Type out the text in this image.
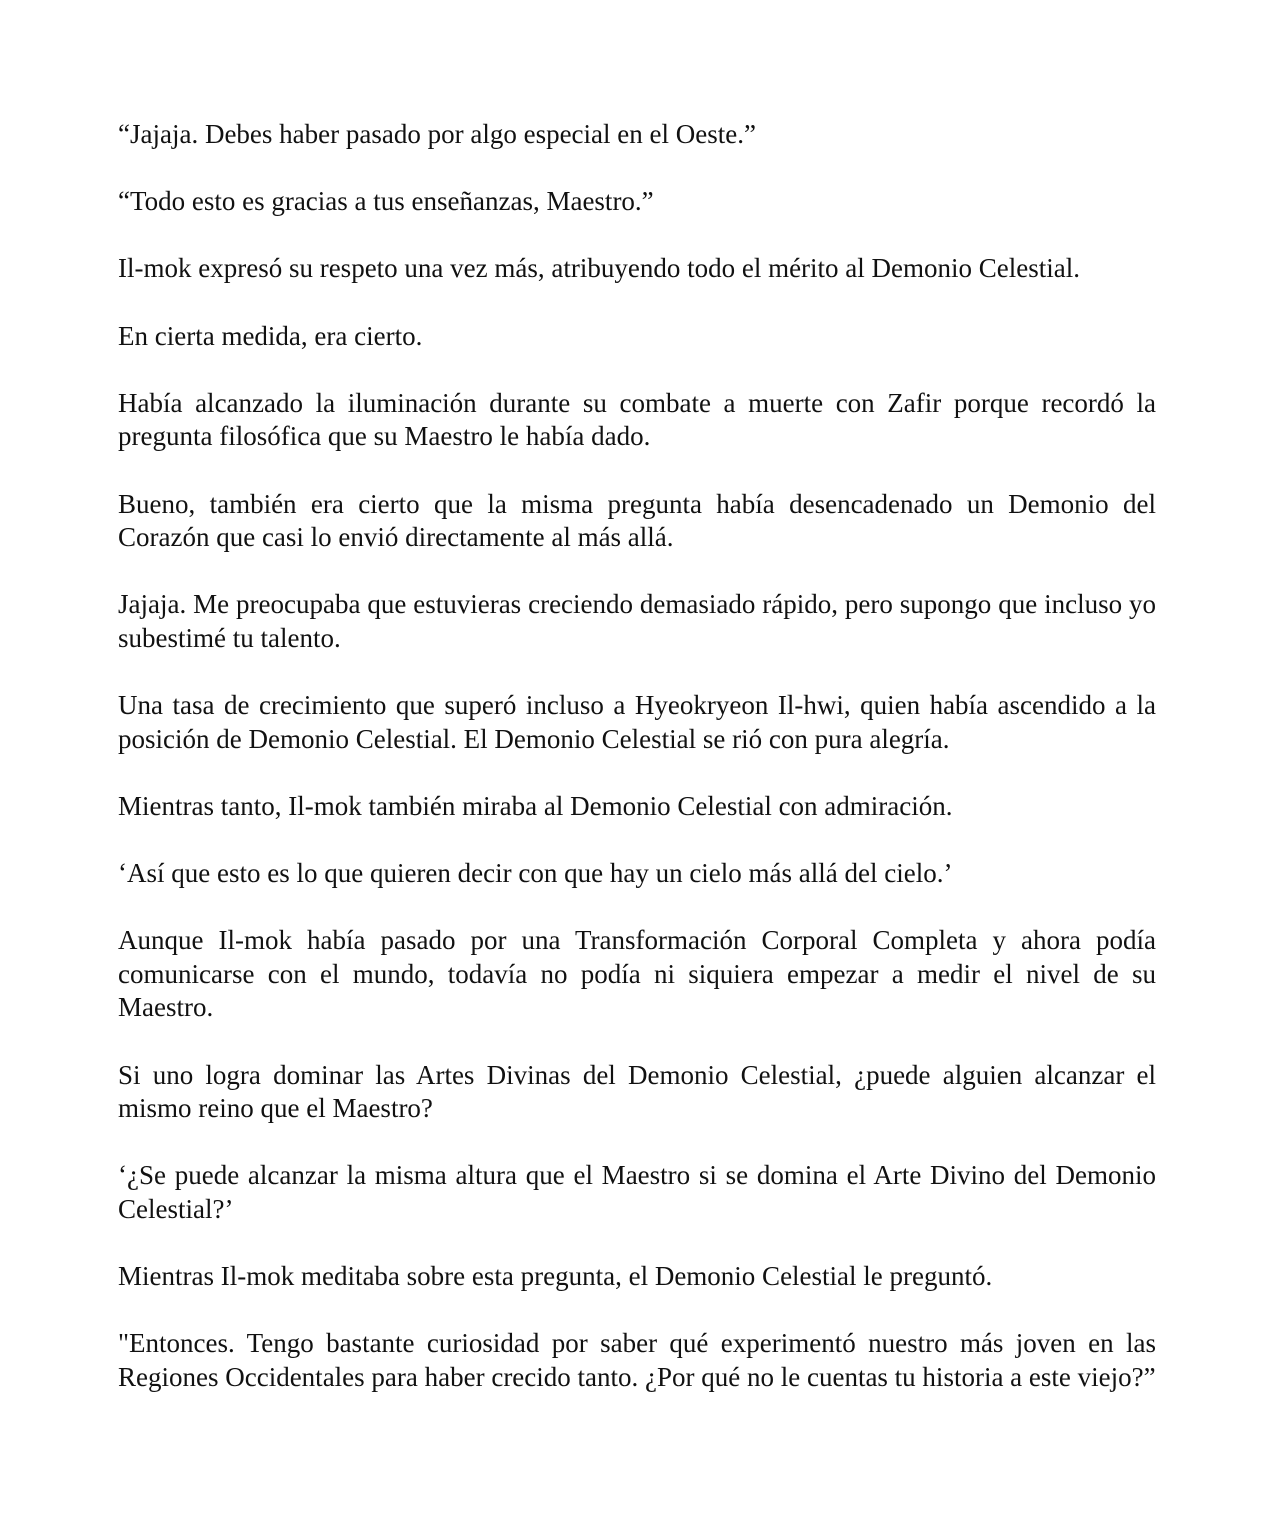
“Jajaja. Debes haber pasado por algo especial en el Oeste.”

“Todo esto es gracias a tus enseñanzas, Maestro.”

Il-mok expresó su respeto una vez más, atribuyendo todo el mérito al Demonio Celestial.

En cierta medida, era cierto.

Había alcanzado la iluminación durante su combate a muerte con Zafir porque recordó la pregunta filosófica que su Maestro le había dado.

Bueno, también era cierto que la misma pregunta había desencadenado un Demonio del Corazón que casi lo envió directamente al más allá.

Jajaja. Me preocupaba que estuvieras creciendo demasiado rápido, pero supongo que incluso yo subestimé tu talento.

Una tasa de crecimiento que superó incluso a Hyeokryeon Il-hwi, quien había ascendido a la posición de Demonio Celestial. El Demonio Celestial se rió con pura alegría.

Mientras tanto, Il-mok también miraba al Demonio Celestial con admiración.

‘Así que esto es lo que quieren decir con que hay un cielo más allá del cielo.’

Aunque Il-mok había pasado por una Transformación Corporal Completa y ahora podía comunicarse con el mundo, todavía no podía ni siquiera empezar a medir el nivel de su Maestro.

Si uno logra dominar las Artes Divinas del Demonio Celestial, ¿puede alguien alcanzar el mismo reino que el Maestro?

‘¿Se puede alcanzar la misma altura que el Maestro si se domina el Arte Divino del Demonio Celestial?’

Mientras Il-mok meditaba sobre esta pregunta, el Demonio Celestial le preguntó.

"Entonces. Tengo bastante curiosidad por saber qué experimentó nuestro más joven en las Regiones Occidentales para haber crecido tanto. ¿Por qué no le cuentas tu historia a este viejo?”
